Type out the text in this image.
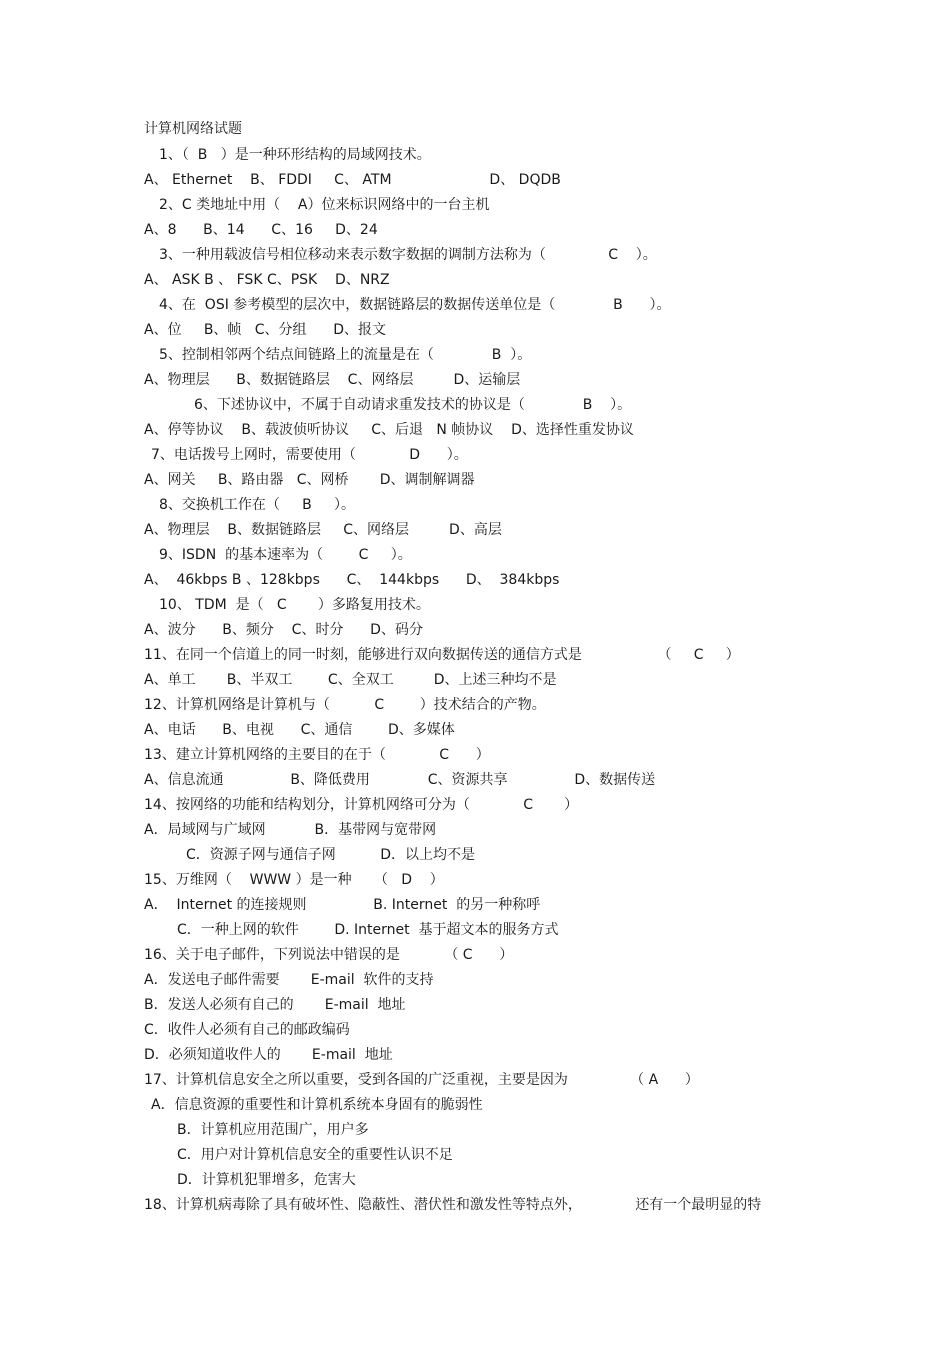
计算机网络试题
1、（  B   ）是一种环形结构的局域网技术。
A、 Ethernet    B、 FDDI     C、 ATM                      D、 DQDB
2、C 类地址中用（    A）位来标识网络中的一台主机
A、8      B、14      C、16     D、24
3、一种用载波信号相位移动来表示数字数据的调制方法称为（              C    ）。
A、 ASK B 、 FSK C、PSK    D、NRZ
4、在  OSI 参考模型的层次中，数据链路层的数据传送单位是（             B      ）。
A、位     B、帧   C、分组      D、报文
5、控制相邻两个结点间链路上的流量是在（             B  ）。
A、物理层      B、数据链路层    C、网络层         D、运输层
6、下述协议中，不属于自动请求重发技术的协议是（             B    ）。
A、停等协议    B、载波侦听协议     C、后退   N 帧协议    D、选择性重发协议
7、电话拨号上网时，需要使用（            D      ）。
A、网关     B、路由器   C、网桥       D、调制解调器
8、交换机工作在（     B     ）。
A、物理层    B、数据链路层     C、网络层         D、高层
9、ISDN  的基本速率为（        C     ）。
A、  46kbps B 、128kbps      C、  144kbps      D、  384kbps
10、 TDM  是（   C       ）多路复用技术。
A、波分      B、频分    C、时分      D、码分
11、在同一个信道上的同一时刻，能够进行双向数据传送的通信方式是                 （     C     ）
A、单工       B、半双工        C、全双工         D、上述三种均不是
12、计算机网络是计算机与（          C        ）技术结合的产物。
A、电话      B、电视      C、通信        D、多媒体
13、建立计算机网络的主要目的在于（            C      ）
A、信息流通               B、降低费用             C、资源共享               D、数据传送
14、按网络的功能和结构划分，计算机网络可分为（            C       ）
A．局域网与广域网           B．基带网与宽带网
C．资源子网与通信子网          D．以上均不是
15、万维网（    WWW ）是一种     （   D    ）
A．  Internet 的连接规则               B. Internet  的另一种称呼
C．一种上网的软件        D. Internet  基于超文本的服务方式
16、关于电子邮件，下列说法中错误的是          （ C      ）
A．发送电子邮件需要       E-mail  软件的支持
B．发送人必须有自己的       E-mail  地址
C．收件人必须有自己的邮政编码
D．必须知道收件人的       E-mail  地址
17、计算机信息安全之所以重要，受到各国的广泛重视，主要是因为              （ A      ）
A．信息资源的重要性和计算机系统本身固有的脆弱性
B．计算机应用范围广，用户多
C．用户对计算机信息安全的重要性认识不足
D．计算机犯罪增多，危害大
18、计算机病毒除了具有破坏性、隐蔽性、潜伏性和激发性等特点外，            还有一个最明显的特
